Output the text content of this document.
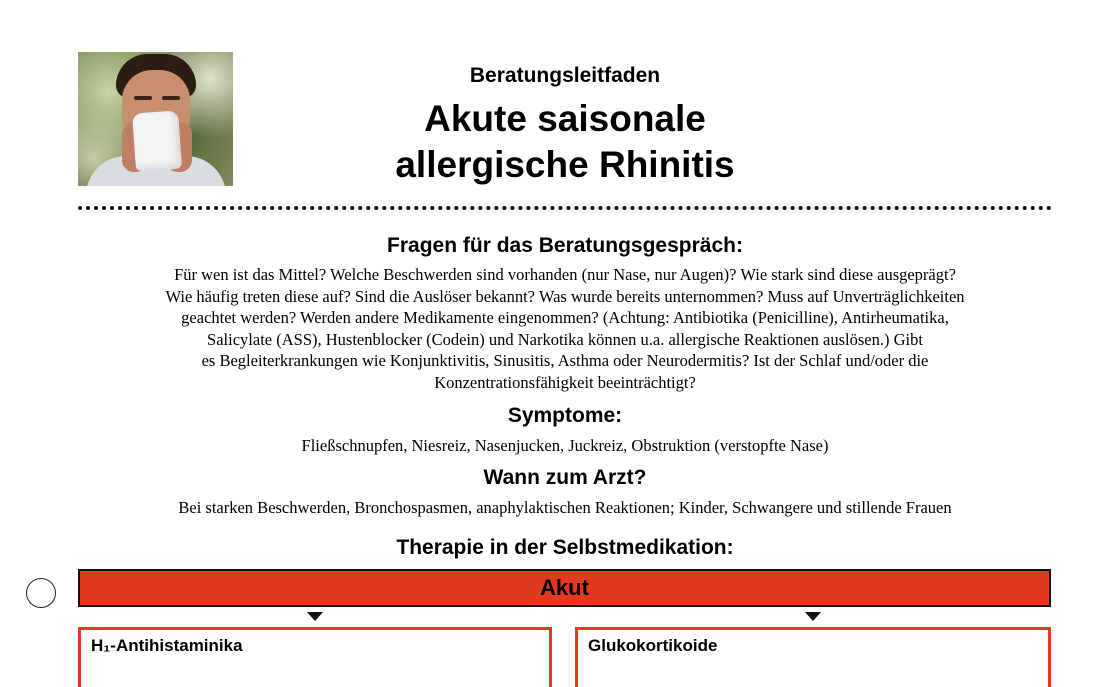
Beratungsleitfaden
Akute saisonale
allergische Rhinitis
Fragen für das Beratungsgespräch:
Für wen ist das Mittel? Welche Beschwerden sind vorhanden (nur Nase, nur Augen)? Wie stark sind diese ausgeprägt?
Wie häufig treten diese auf? Sind die Auslöser bekannt? Was wurde bereits unternommen? Muss auf Unverträglichkeiten
geachtet werden? Werden andere Medikamente eingenommen? (Achtung: Antibiotika (Penicilline), Antirheumatika,
Salicylate (ASS), Hustenblocker (Codein) und Narkotika können u.a. allergische Reaktionen auslösen.) Gibt
es Begleiterkrankungen wie Konjunktivitis, Sinusitis, Asthma oder Neurodermitis? Ist der Schlaf und/oder die
Konzentrationsfähigkeit beeinträchtigt?
Symptome:
Fließschnupfen, Niesreiz, Nasenjucken, Juckreiz, Obstruktion (verstopfte Nase)
Wann zum Arzt?
Bei starken Beschwerden, Bronchospasmen, anaphylaktischen Reaktionen; Kinder, Schwangere und stillende Frauen
Therapie in der Selbstmedikation:
Akut
H₁-Antihistaminika	Glukokortikoide
